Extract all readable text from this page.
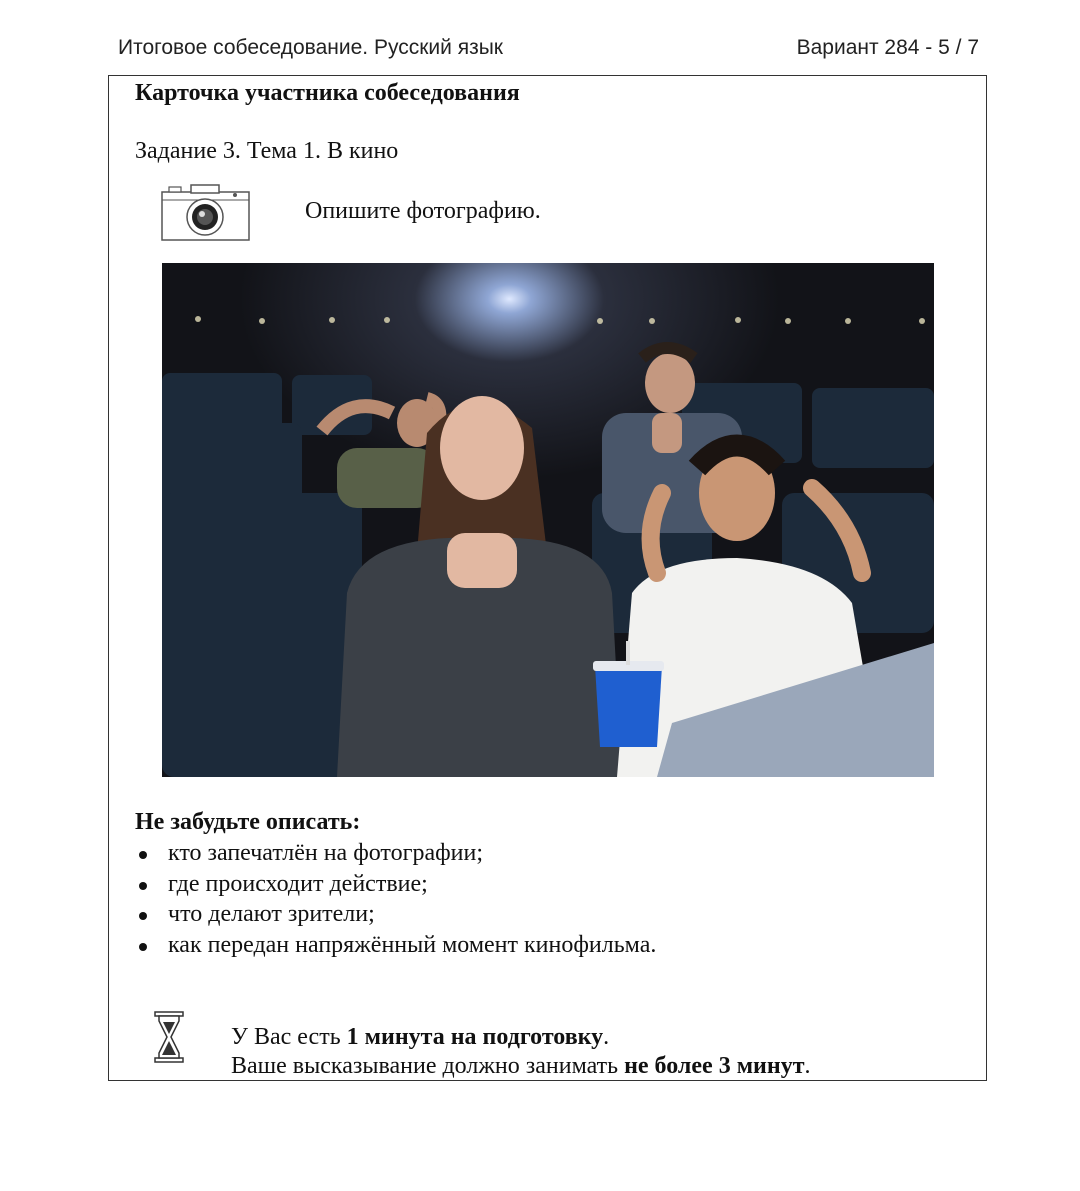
Итоговое собеседование. Русский язык	Вариант 284 - 5 / 7
Карточка участника собеседования
Задание 3. Тема 1. В кино
Опишите фотографию.
Не забудьте описать:
кто запечатлён на фотографии;
где происходит действие;
что делают зрители;
как передан напряжённый момент кинофильма.
У Вас есть 1 минута на подготовку.
Ваше высказывание должно занимать не более 3 минут.
